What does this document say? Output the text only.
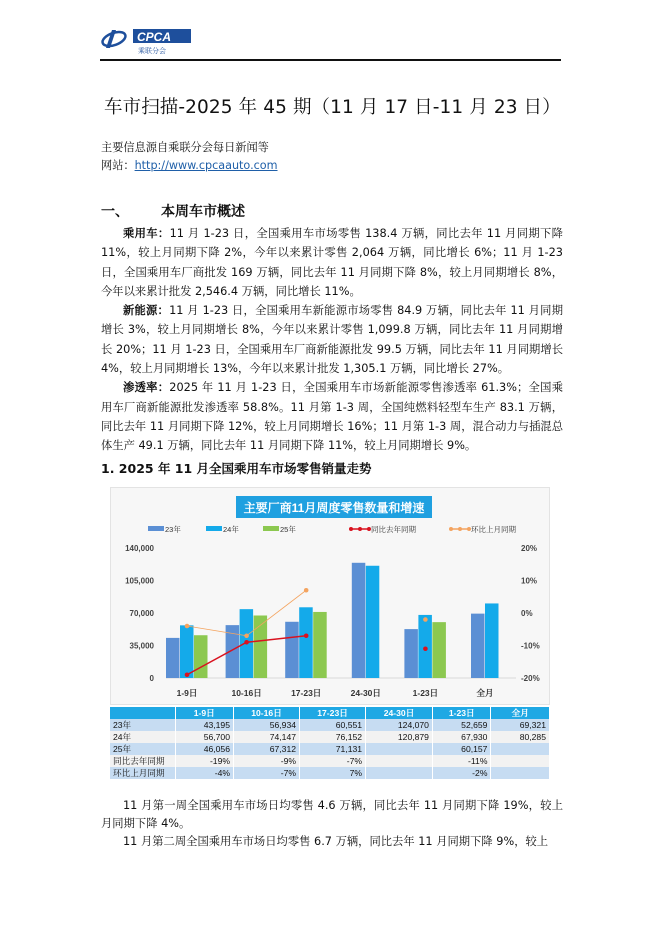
CPCA
乘联分会
车市扫描-2025 年 45 期（11 月 17 日-11 月 23 日）
主要信息源自乘联分会每日新闻等
网站：http://www.cpcaauto.com
一、 本周车市概述

乘用车：11 月 1-23 日，全国乘用车市场零售 138.4 万辆，同比去年 11 月同期下降 11%，较上月同期下降 2%，今年以来累计零售 2,064 万辆，同比增长 6%；11 月 1-23 日，全国乘用车厂商批发 169 万辆，同比去年 11 月同期下降 8%，较上月同期增长 8%，今年以来累计批发 2,546.4 万辆，同比增长 11%。

新能源：11 月 1-23 日，全国乘用车新能源市场零售 84.9 万辆，同比去年 11 月同期增长 3%，较上月同期增长 8%，今年以来累计零售 1,099.8 万辆，同比去年 11 月同期增长 20%；11 月 1-23 日，全国乘用车厂商新能源批发 99.5 万辆，同比去年 11 月同期增长 4%，较上月同期增长 13%，今年以来累计批发 1,305.1 万辆，同比增长 27%。

渗透率：2025 年 11 月 1-23 日，全国乘用车市场新能源零售渗透率 61.3%；全国乘用车厂商新能源批发渗透率 58.8%。11 月第 1-3 周，全国纯燃料轻型车生产 83.1 万辆，同比去年 11 月同期下降 12%，较上月同期增长 16%；11 月第 1-3 周，混合动力与插混总体生产 49.1 万辆，同比去年 11 月同期下降 11%，较上月同期增长 9%。

1. 2025 年 11 月全国乘用车市场零售销量走势
主要厂商11月周度零售数量和增速
23年	24年	25年	同比去年同期	环比上月同期
0
35,000
70,000
105,000
140,000
-20%
-10%
0%
10%
20%
1-9日	10-16日	17-23日	24-30日	1-23日	全月
	1-9日	10-16日	17-23日	24-30日	1-23日	全月
23年	43,195	56,934	60,551	124,070	52,659	69,321
24年	56,700	74,147	76,152	120,879	67,930	80,285
25年	46,056	67,312	71,131		60,157	
同比去年同期	-19%	-9%	-7%		-11%	
环比上月同期	-4%	-7%	7%		-2%	

11 月第一周全国乘用车市场日均零售 4.6 万辆，同比去年 11 月同期下降 19%，较上月同期下降 4%。

11 月第二周全国乘用车市场日均零售 6.7 万辆，同比去年 11 月同期下降 9%，较上
